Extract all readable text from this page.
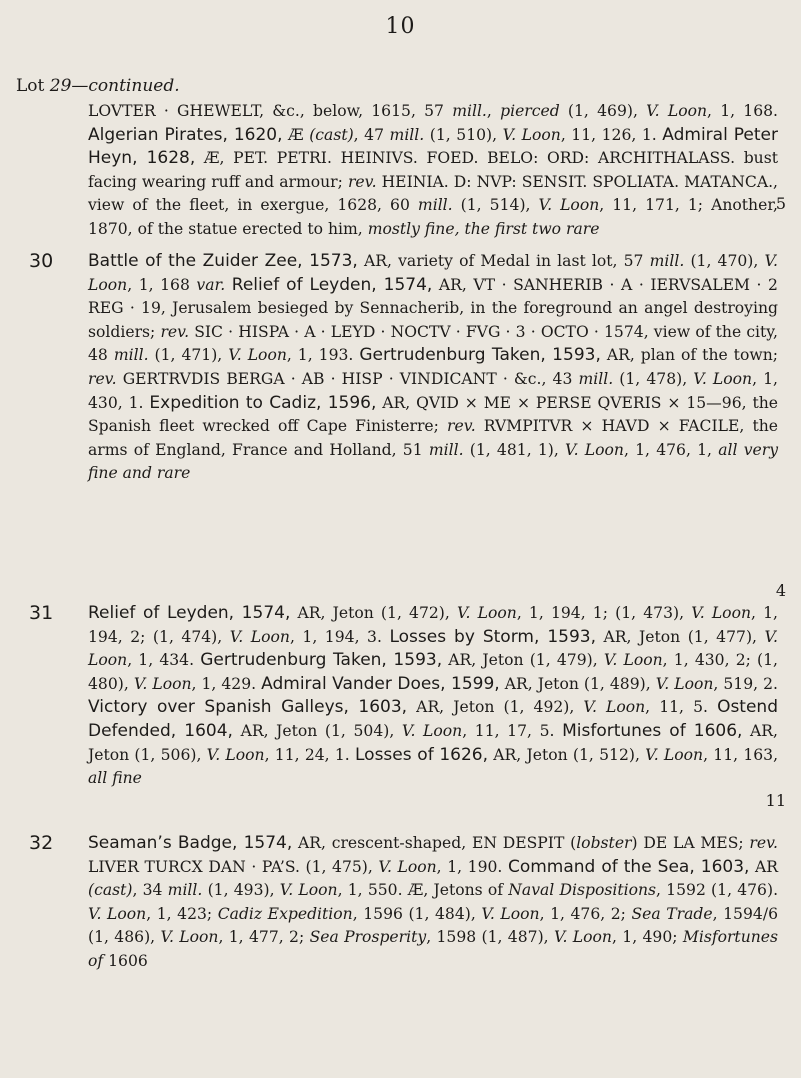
10
Lot 29—continued.
LOVTER · GHEWELT, &c., below, 1615, 57 mill., pierced (1, 469), V. Loon, 1, 168. Algerian Pirates, 1620, Æ (cast), 47 mill. (1, 510), V. Loon, 11, 126, 1. Admiral Peter Heyn, 1628, Æ, PET. PETRI. HEINIVS. FOED. BELO: ORD: ARCHITHALASS. bust facing wearing ruff and armour; rev. HEINIA. D: NVP: SENSIT. SPOLIATA. MATANCA., view of the fleet, in exergue, 1628, 60 mill. (1, 514), V. Loon, 11, 171, 1; Another, 1870, of the statue erected to him, mostly fine, the first two rare
5
30 Battle of the Zuider Zee, 1573, AR, variety of Medal in last lot, 57 mill. (1, 470), V. Loon, 1, 168 var. Relief of Leyden, 1574, AR, VT · SANHERIB · A · IERVSALEM · 2 REG · 19, Jerusalem besieged by Sennacherib, in the foreground an angel destroying soldiers; rev. SIC · HISPA · A · LEYD · NOCTV · FVG · 3 · OCTO · 1574, view of the city, 48 mill. (1, 471), V. Loon, 1, 193. Gertrudenburg Taken, 1593, AR, plan of the town; rev. GERTRVDIS BERGA · AB · HISP · VINDICANT · &c., 43 mill. (1, 478), V. Loon, 1, 430, 1. Expedition to Cadiz, 1596, AR, QVID × ME × PERSE QVERIS × 15—96, the Spanish fleet wrecked off Cape Finisterre; rev. RVMPITVR × HAVD × FACILE, the arms of England, France and Holland, 51 mill. (1, 481, 1), V. Loon, 1, 476, 1, all very fine and rare
4
31 Relief of Leyden, 1574, AR, Jeton (1, 472), V. Loon, 1, 194, 1; (1, 473), V. Loon, 1, 194, 2; (1, 474), V. Loon, 1, 194, 3. Losses by Storm, 1593, AR, Jeton (1, 477), V. Loon, 1, 434. Gertrudenburg Taken, 1593, AR, Jeton (1, 479), V. Loon, 1, 430, 2; (1, 480), V. Loon, 1, 429. Admiral Vander Does, 1599, AR, Jeton (1, 489), V. Loon, 519, 2. Victory over Spanish Galleys, 1603, AR, Jeton (1, 492), V. Loon, 11, 5. Ostend Defended, 1604, AR, Jeton (1, 504), V. Loon, 11, 17, 5. Misfortunes of 1606, AR, Jeton (1, 506), V. Loon, 11, 24, 1. Losses of 1626, AR, Jeton (1, 512), V. Loon, 11, 163, all fine
11
32 Seaman’s Badge, 1574, AR, crescent-shaped, EN DESPIT (lobster) DE LA MES; rev. LIVER TURCX DAN · PA’S. (1, 475), V. Loon, 1, 190. Command of the Sea, 1603, AR (cast), 34 mill. (1, 493), V. Loon, 1, 550. Æ, Jetons of Naval Dispositions, 1592 (1, 476). V. Loon, 1, 423; Cadiz Expedition, 1596 (1, 484), V. Loon, 1, 476, 2; Sea Trade, 1594/6 (1, 486), V. Loon, 1, 477, 2; Sea Prosperity, 1598 (1, 487), V. Loon, 1, 490; Misfortunes of 1606
